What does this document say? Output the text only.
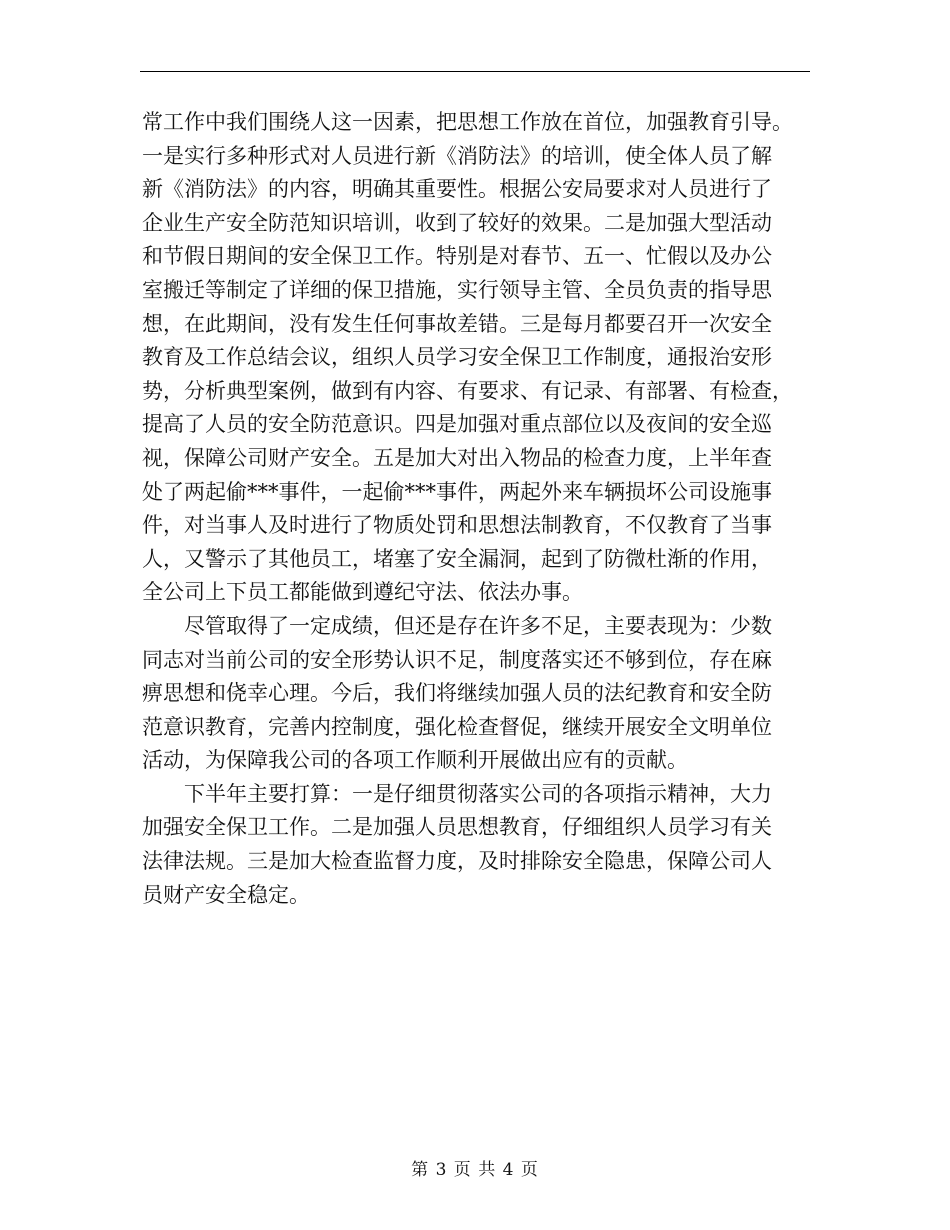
常工作中我们围绕人这一因素，把思想工作放在首位，加强教育引导。
一是实行多种形式对人员进行新《消防法》的培训，使全体人员了解
新《消防法》的内容，明确其重要性。根据公安局要求对人员进行了
企业生产安全防范知识培训，收到了较好的效果。二是加强大型活动
和节假日期间的安全保卫工作。特别是对春节、五一、忙假以及办公
室搬迁等制定了详细的保卫措施，实行领导主管、全员负责的指导思
想，在此期间，没有发生任何事故差错。三是每月都要召开一次安全
教育及工作总结会议，组织人员学习安全保卫工作制度，通报治安形
势，分析典型案例，做到有内容、有要求、有记录、有部署、有检查，
提高了人员的安全防范意识。四是加强对重点部位以及夜间的安全巡
视，保障公司财产安全。五是加大对出入物品的检查力度，上半年查
处了两起偷***事件，一起偷***事件，两起外来车辆损坏公司设施事
件，对当事人及时进行了物质处罚和思想法制教育，不仅教育了当事
人，又警示了其他员工，堵塞了安全漏洞，起到了防微杜渐的作用，
全公司上下员工都能做到遵纪守法、依法办事。
　　尽管取得了一定成绩，但还是存在许多不足，主要表现为：少数
同志对当前公司的安全形势认识不足，制度落实还不够到位，存在麻
痹思想和侥幸心理。今后，我们将继续加强人员的法纪教育和安全防
范意识教育，完善内控制度，强化检查督促，继续开展安全文明单位
活动，为保障我公司的各项工作顺利开展做出应有的贡献。
　　下半年主要打算：一是仔细贯彻落实公司的各项指示精神，大力
加强安全保卫工作。二是加强人员思想教育，仔细组织人员学习有关
法律法规。三是加大检查监督力度，及时排除安全隐患，保障公司人
员财产安全稳定。
第 3 页 共 4 页
